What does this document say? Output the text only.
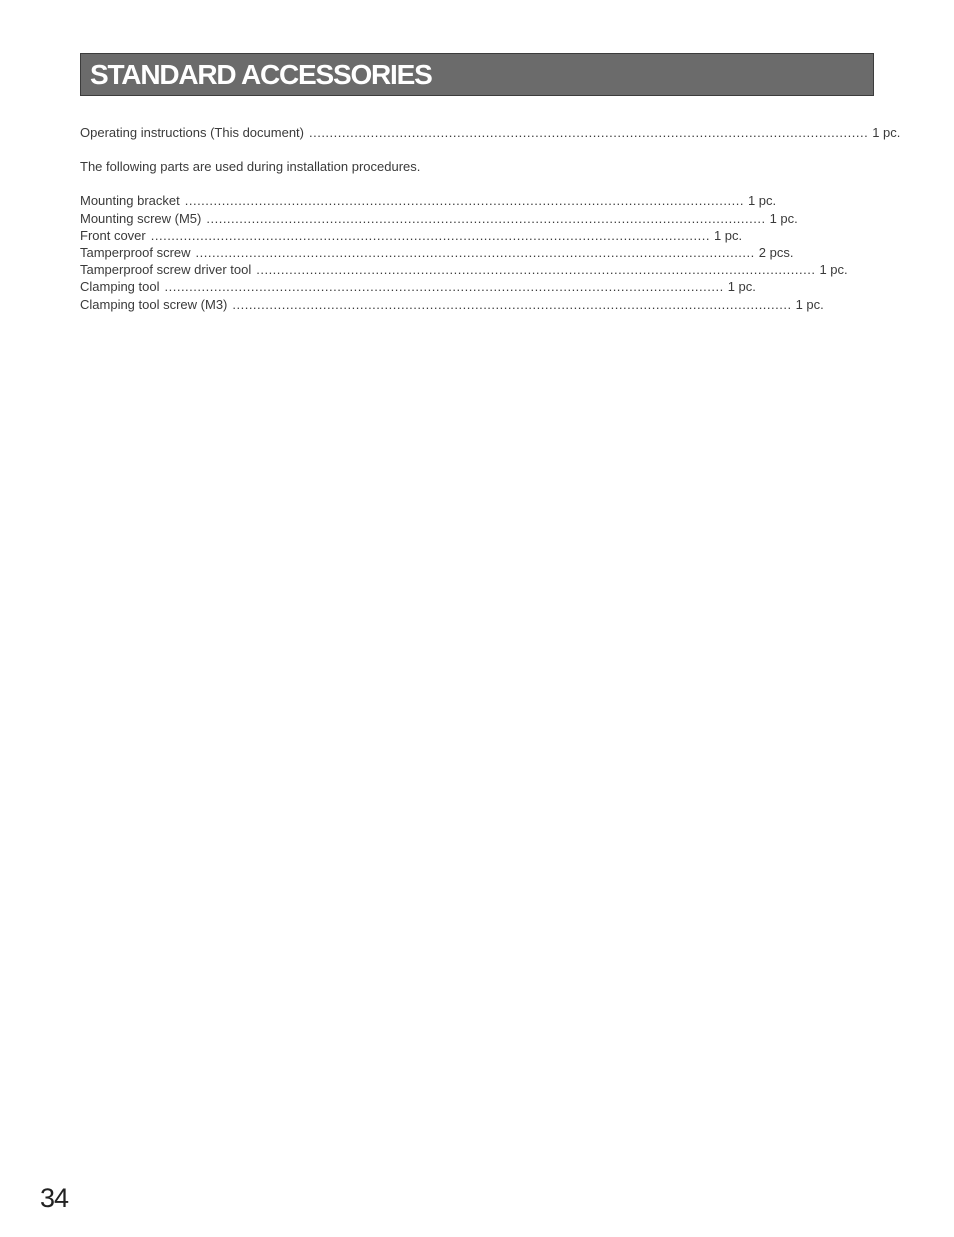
STANDARD ACCESSORIES
Operating instructions (This document) ........................................................................................................................................ 1 pc.
The following parts are used during installation procedures.
Mounting bracket ........................................................................................................................................ 1 pc.
Mounting screw (M5) ........................................................................................................................................ 1 pc.
Front cover ........................................................................................................................................ 1 pc.
Tamperproof screw ........................................................................................................................................ 2 pcs.
Tamperproof screw driver tool ........................................................................................................................................ 1 pc.
Clamping tool ........................................................................................................................................ 1 pc.
Clamping tool screw (M3) ........................................................................................................................................ 1 pc.
34
